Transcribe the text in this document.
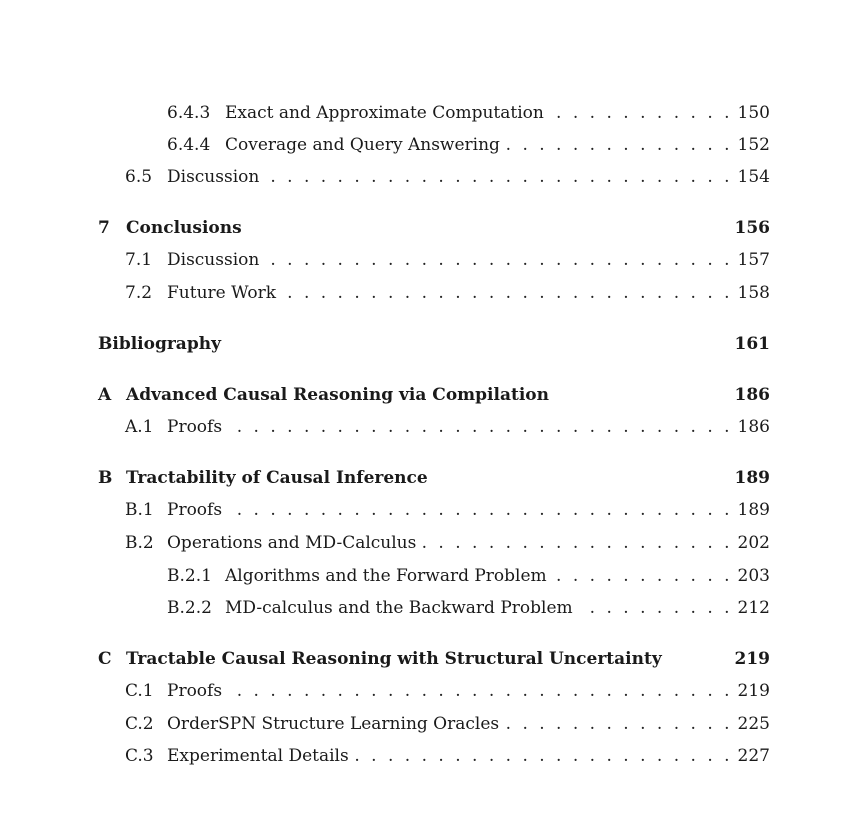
6.4.3 Exact and Approximate Computation . . .	150
6.4.4 Coverage and Query Answering . . .	152
6.5 Discussion . . .	154
7 Conclusions	156
7.1 Discussion . . .	157
7.2 Future Work . . .	158
Bibliography	161
A Advanced Causal Reasoning via Compilation	186
A.1 Proofs . . .	186
B Tractability of Causal Inference	189
B.1 Proofs . . .	189
B.2 Operations and MD-Calculus . . .	202
B.2.1 Algorithms and the Forward Problem . . .	203
B.2.2 MD-calculus and the Backward Problem . . .	212
C Tractable Causal Reasoning with Structural Uncertainty	219
C.1 Proofs . . .	219
C.2 OrderSPN Structure Learning Oracles . . .	225
C.3 Experimental Details . . .	227
